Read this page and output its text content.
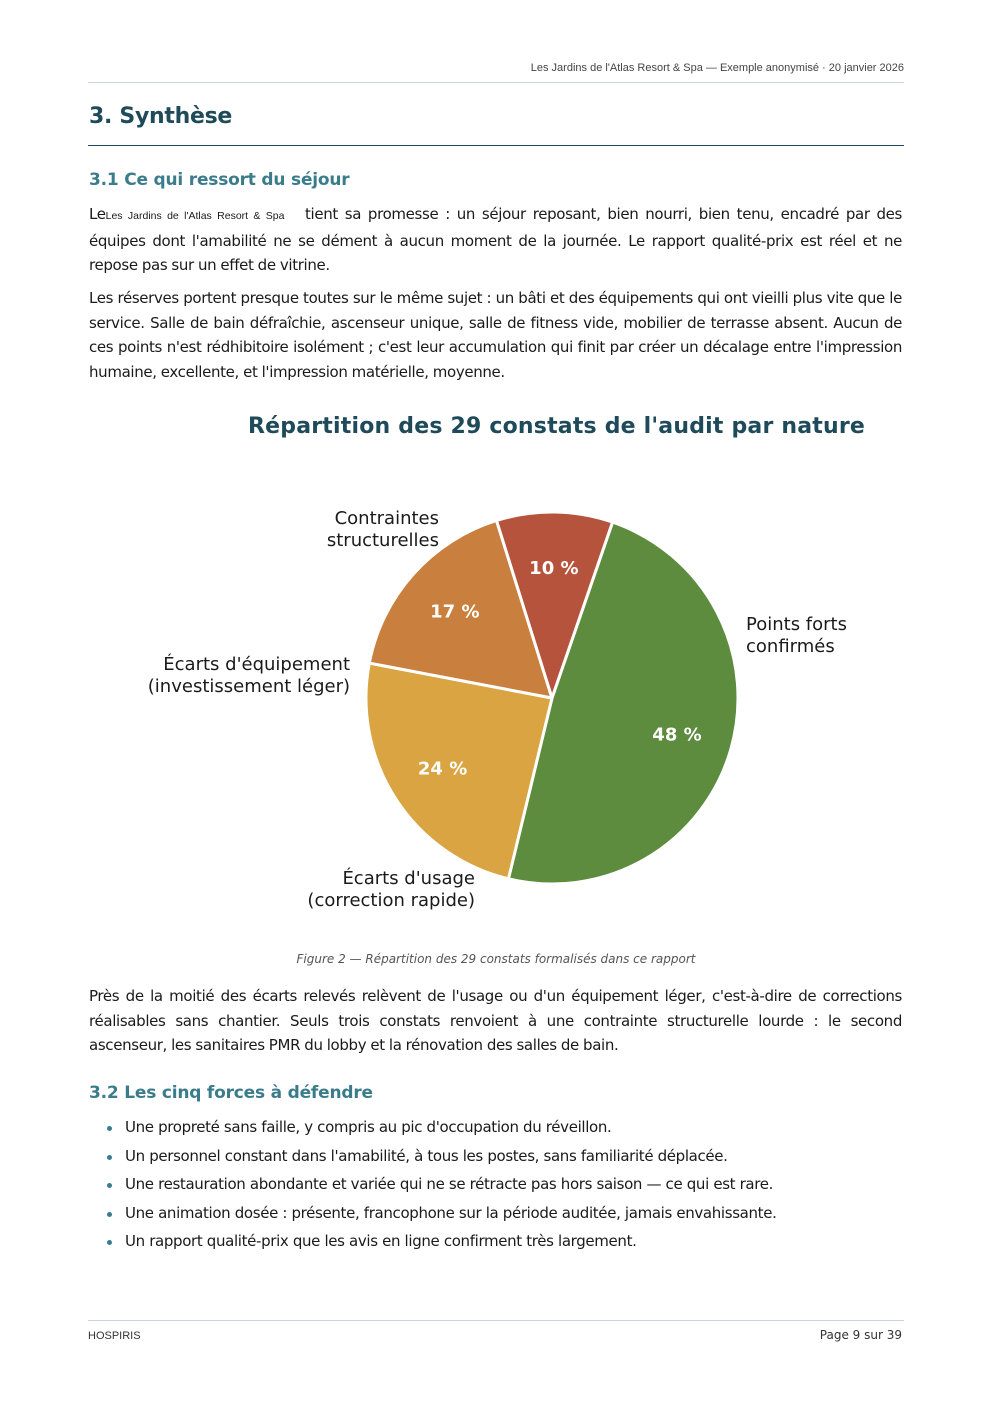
Les Jardins de l'Atlas Resort & Spa — Exemple anonymisé · 20 janvier 2026
3. Synthèse
3.1 Ce qui ressort du séjour

LeLes Jardins de l'Atlas Resort & Spa tient sa promesse : un séjour reposant, bien nourri, bien tenu, encadré par des équipes dont l'amabilité ne se dément à aucun moment de la journée. Le rapport qualité-prix est réel et ne repose pas sur un effet de vitrine.

Les réserves portent presque toutes sur le même sujet : un bâti et des équipements qui ont vieilli plus vite que le service. Salle de bain défraîchie, ascenseur unique, salle de fitness vide, mobilier de terrasse absent. Aucun de ces points n'est rédhibitoire isolément ; c'est leur accumulation qui finit par créer un décalage entre l'impression humaine, excellente, et l'impression matérielle, moyenne.

Répartition des 29 constats de l'audit par nature
48 %
24 %
17 %
10 %
Points forts
confirmés
Écarts d'usage
(correction rapide)
Écarts d'équipement
(investissement léger)
Contraintes
structurelles
Figure 2 — Répartition des 29 constats formalisés dans ce rapport

Près de la moitié des écarts relevés relèvent de l'usage ou d'un équipement léger, c'est-à-dire de corrections réalisables sans chantier. Seuls trois constats renvoient à une contrainte structurelle lourde : le second ascenseur, les sanitaires PMR du lobby et la rénovation des salles de bain.

3.2 Les cinq forces à défendre
Une propreté sans faille, y compris au pic d'occupation du réveillon.
Un personnel constant dans l'amabilité, à tous les postes, sans familiarité déplacée.
Une restauration abondante et variée qui ne se rétracte pas hors saison — ce qui est rare.
Une animation dosée : présente, francophone sur la période auditée, jamais envahissante.
Un rapport qualité-prix que les avis en ligne confirment très largement.
HOSPIRIS	Page 9 sur 39
